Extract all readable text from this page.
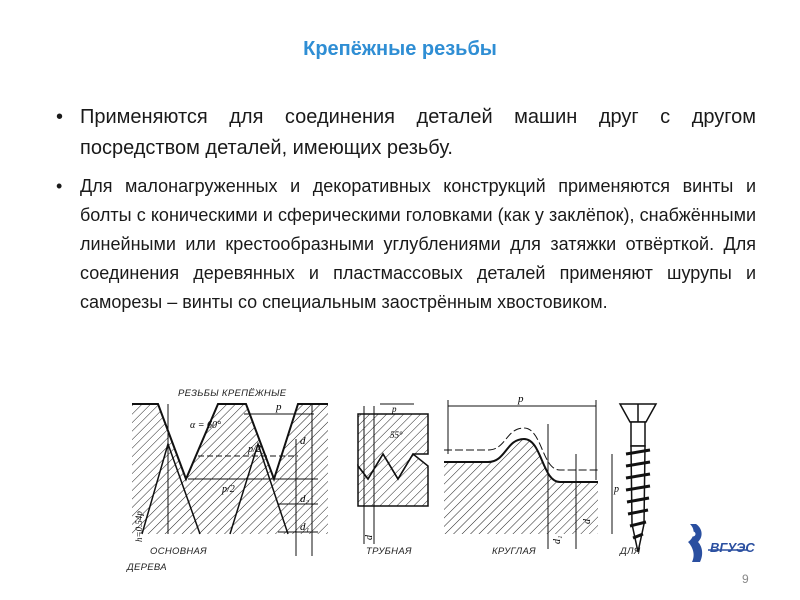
Крепёжные резьбы
• Применяются для соединения деталей машин друг с другом посредством деталей, имеющих резьбу.
• Для малонагруженных и декоративных конструкций применяются винты и болты с коническими и сферическими головками (как у заклёпок), снабжёнными линейными или крестообразными углублениями для затяжки отвёрткой. Для соединения деревянных и пластмассовых деталей применяют шурупы и саморезы – винты со специальным заострённым хвостовиком.
α = 60°
p
p/2
p/2
d
d₂
d₁
h=0.54p
p
55°
d
p
d₁
d
p
РЕЗЬБЫ КРЕПЁЖНЫЕ
ОСНОВНАЯ	ТРУБНАЯ	КРУГЛАЯ	ДЛЯ
ДЕРЕВА
ВГУЭС
9
